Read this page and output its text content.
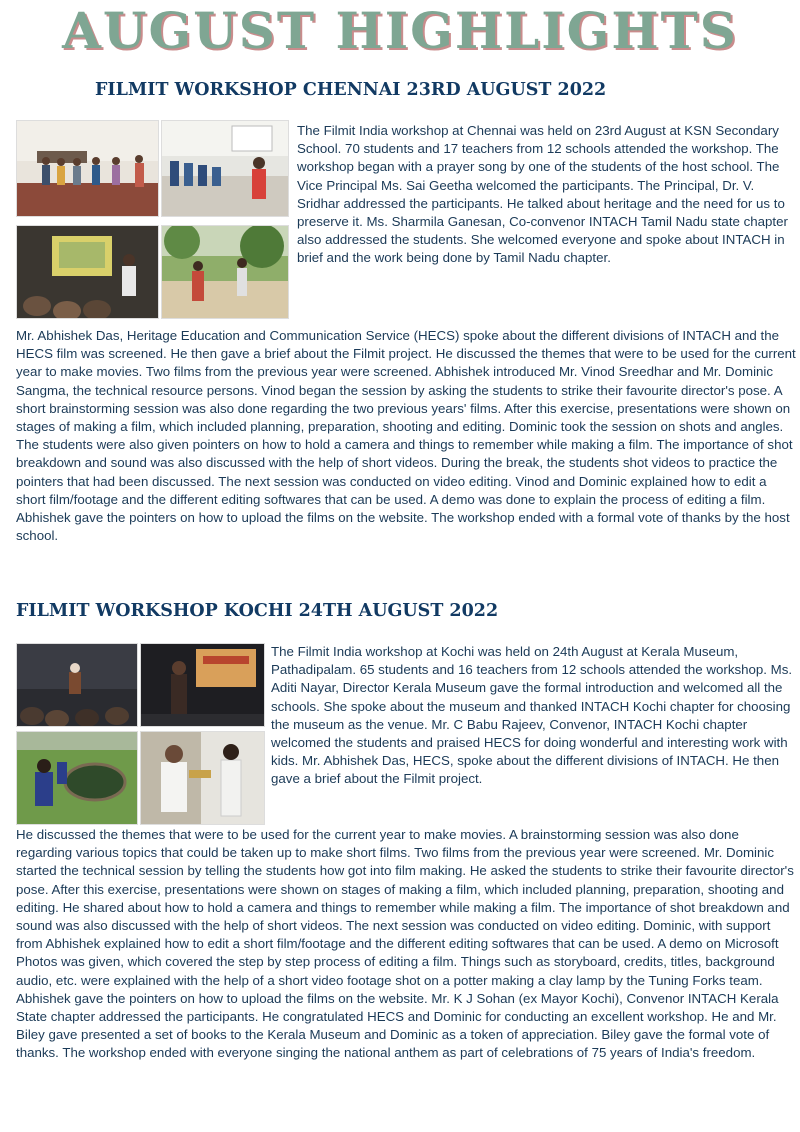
AUGUST HIGHLIGHTS
FILMIT WORKSHOP CHENNAI 23RD AUGUST 2022

The Filmit India workshop at Chennai was held on 23rd August at KSN Secondary School. 70 students and 17 teachers from 12 schools attended the workshop. The workshop began with a prayer song by one of the students of the host school. The Vice Principal Ms. Sai Geetha welcomed the participants. The Principal, Dr. V. Sridhar addressed the participants. He talked about heritage and the need for us to preserve it. Ms. Sharmila Ganesan, Co-convenor INTACH Tamil Nadu state chapter also addressed the students. She welcomed everyone and spoke about INTACH in brief and the work being done by Tamil Nadu chapter.

Mr. Abhishek Das, Heritage Education and Communication Service (HECS) spoke about the different divisions of INTACH and the HECS film was screened. He then gave a brief about the Filmit project. He discussed the themes that were to be used for the current year to make movies. Two films from the previous year were screened. Abhishek introduced Mr. Vinod Sreedhar and Mr. Dominic Sangma, the technical resource persons. Vinod began the session by asking the students to strike their favourite director's pose. A short brainstorming session was also done regarding the two previous years' films. After this exercise, presentations were shown on stages of making a film, which included planning, preparation, shooting and editing. Dominic took the session on shots and angles. The students were also given pointers on how to hold a camera and things to remember while making a film. The importance of shot breakdown and sound was also discussed with the help of short videos. During the break, the students shot videos to practice the pointers that had been discussed. The next session was conducted on video editing. Vinod and Dominic explained how to edit a short film/footage and the different editing softwares that can be used. A demo was done to explain the process of editing a film. Abhishek gave the pointers on how to upload the films on the website. The workshop ended with a formal vote of thanks by the host school.

FILMIT WORKSHOP KOCHI 24TH AUGUST 2022

The Filmit India workshop at Kochi was held on 24th August at Kerala Museum, Pathadipalam. 65 students and 16 teachers from 12 schools attended the workshop. Ms. Aditi Nayar, Director Kerala Museum gave the formal introduction and welcomed all the schools. She spoke about the museum and thanked INTACH Kochi chapter for choosing the museum as the venue. Mr. C Babu Rajeev, Convenor, INTACH Kochi chapter welcomed the students and praised HECS for doing wonderful and interesting work with kids. Mr. Abhishek Das, HECS, spoke about the different divisions of INTACH. He then gave a brief about the Filmit project.

He discussed the themes that were to be used for the current year to make movies. A brainstorming session was also done regarding various topics that could be taken up to make short films. Two films from the previous year were screened. Mr. Dominic started the technical session by telling the students how got into film making. He asked the students to strike their favourite director's pose. After this exercise, presentations were shown on stages of making a film, which included planning, preparation, shooting and editing. He shared about how to hold a camera and things to remember while making a film. The importance of shot breakdown and sound was also discussed with the help of short videos. The next session was conducted on video editing. Dominic, with support from Abhishek explained how to edit a short film/footage and the different editing softwares that can be used. A demo on Microsoft Photos was given, which covered the step by step process of editing a film. Things such as storyboard, credits, titles, background audio, etc. were explained with the help of a short video footage shot on a potter making a clay lamp by the Tuning Forks team. Abhishek gave the pointers on how to upload the films on the website. Mr. K J Sohan (ex Mayor Kochi), Convenor INTACH Kerala State chapter addressed the participants. He congratulated HECS and Dominic for conducting an excellent workshop. He and Mr. Biley gave presented a set of books to the Kerala Museum and Dominic as a token of appreciation. Biley gave the formal vote of thanks. The workshop ended with everyone singing the national anthem as part of celebrations of 75 years of India's freedom.
